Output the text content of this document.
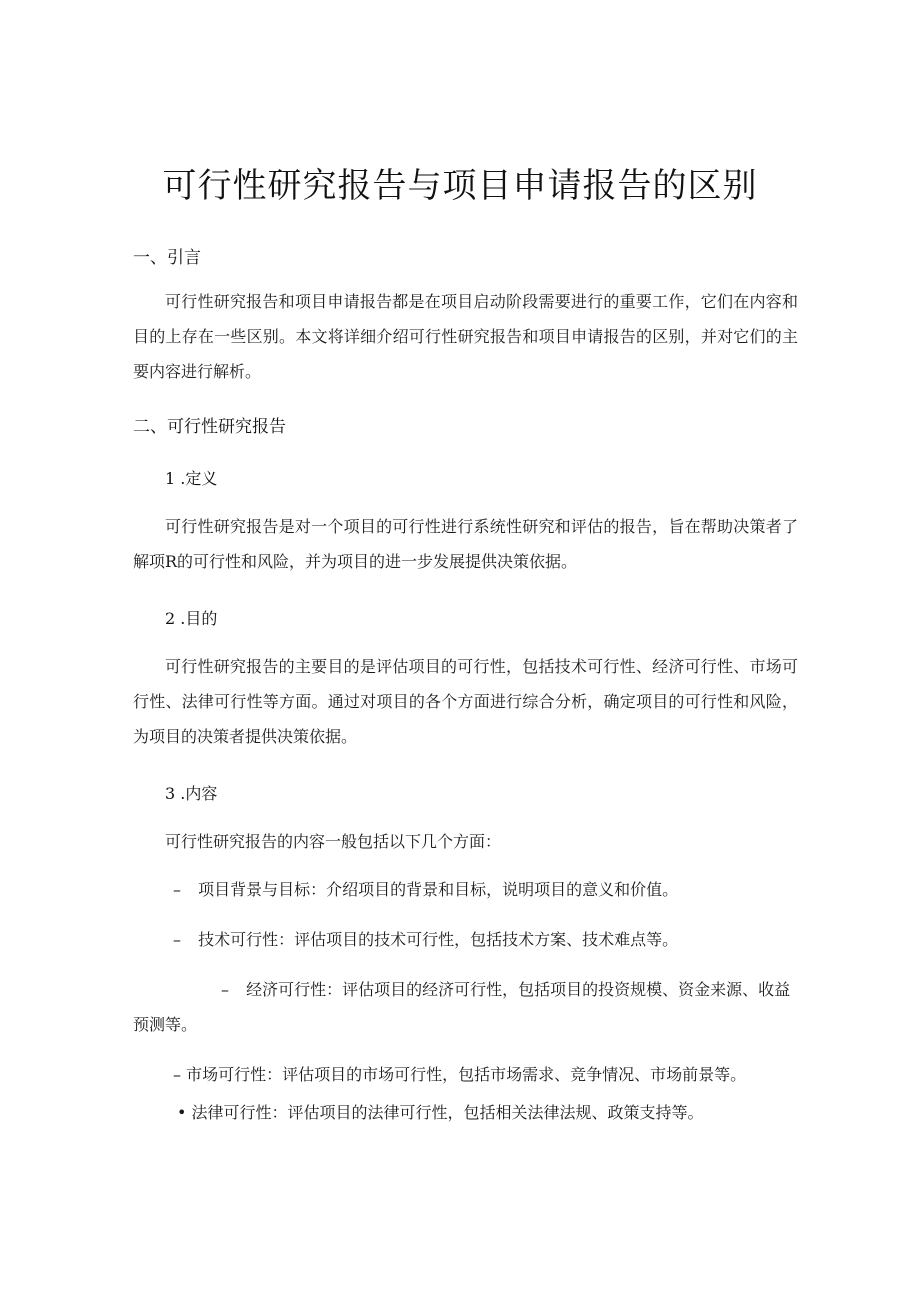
可行性研究报告与项目申请报告的区别
一、引言
可行性研究报告和项目申请报告都是在项目启动阶段需要进行的重要工作，它们在内容和目的上存在一些区别。本文将详细介绍可行性研究报告和项目申请报告的区别，并对它们的主要内容进行解析。
二、可行性研究报告
1 .定义
可行性研究报告是对一个项目的可行性进行系统性研究和评估的报告，旨在帮助决策者了解项R的可行性和风险，并为项目的进一步发展提供决策依据。
2 .目的
可行性研究报告的主要目的是评估项目的可行性，包括技术可行性、经济可行性、市场可行性、法律可行性等方面。通过对项目的各个方面进行综合分析，确定项目的可行性和风险，为项目的决策者提供决策依据。
3 .内容
可行性研究报告的内容一般包括以下几个方面：
– 项目背景与目标：介绍项目的背景和目标，说明项目的意义和价值。
– 技术可行性：评估项目的技术可行性，包括技术方案、技术难点等。
– 经济可行性：评估项目的经济可行性，包括项目的投资规模、资金来源、收益预测等。
– 市场可行性：评估项目的市场可行性，包括市场需求、竞争情况、市场前景等。
• 法律可行性：评估项目的法律可行性，包括相关法律法规、政策支持等。
